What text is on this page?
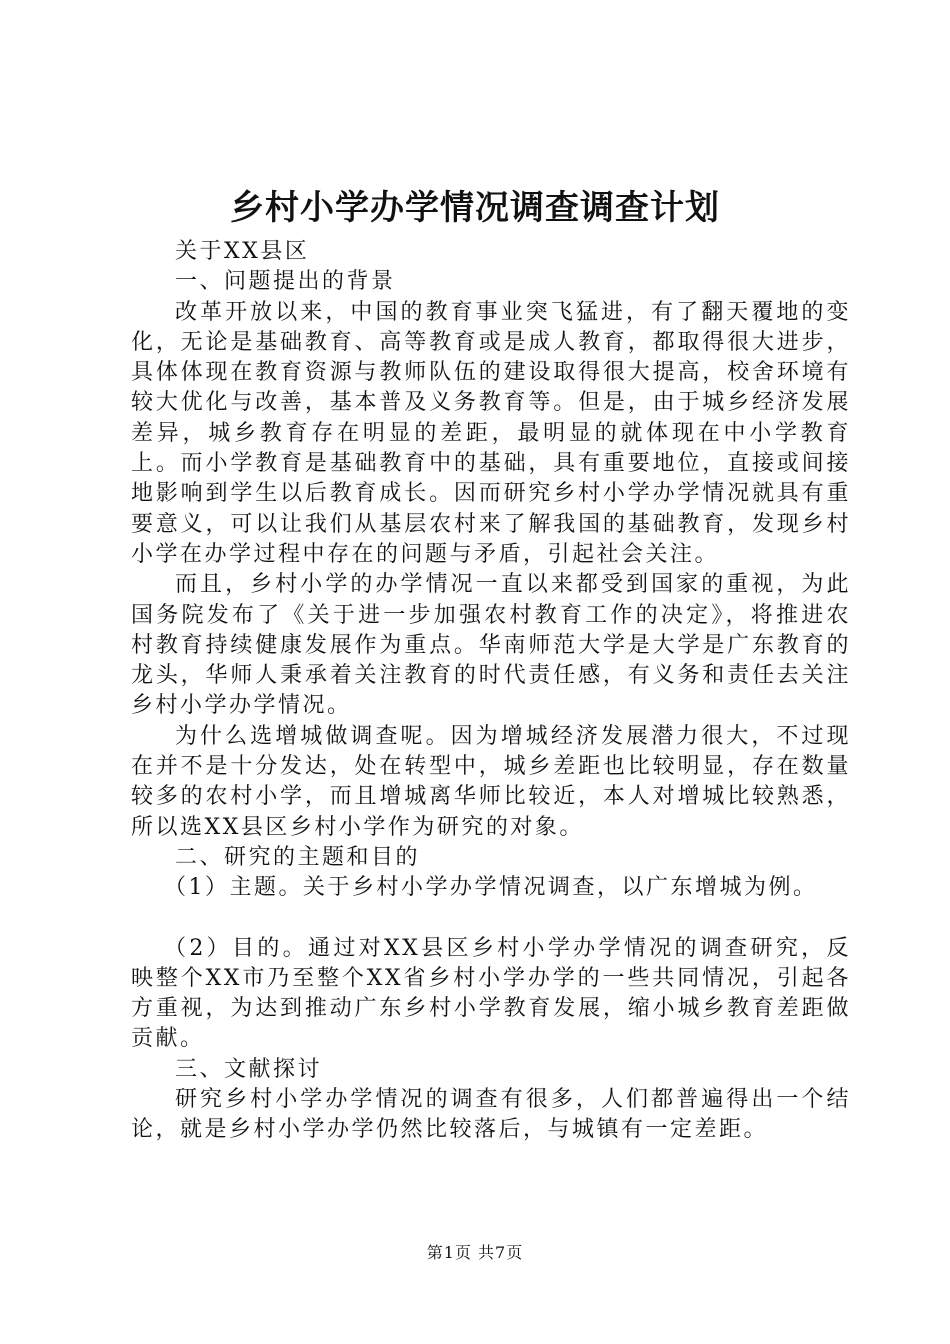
乡村小学办学情况调查调查计划

关于XX县区

一、问题提出的背景

改革开放以来，中国的教育事业突飞猛进，有了翻天覆地的变化，无论是基础教育、高等教育或是成人教育，都取得很大进步，具体体现在教育资源与教师队伍的建设取得很大提高，校舍环境有较大优化与改善，基本普及义务教育等。但是，由于城乡经济发展差异，城乡教育存在明显的差距，最明显的就体现在中小学教育上。而小学教育是基础教育中的基础，具有重要地位，直接或间接地影响到学生以后教育成长。因而研究乡村小学办学情况就具有重要意义，可以让我们从基层农村来了解我国的基础教育，发现乡村小学在办学过程中存在的问题与矛盾，引起社会关注。

而且，乡村小学的办学情况一直以来都受到国家的重视，为此国务院发布了《关于进一步加强农村教育工作的决定》，将推进农村教育持续健康发展作为重点。华南师范大学是大学是广东教育的龙头，华师人秉承着关注教育的时代责任感，有义务和责任去关注乡村小学办学情况。

为什么选增城做调查呢。因为增城经济发展潜力很大，不过现在并不是十分发达，处在转型中，城乡差距也比较明显，存在数量较多的农村小学，而且增城离华师比较近，本人对增城比较熟悉，所以选XX县区乡村小学作为研究的对象。

二、研究的主题和目的

（1）主题。关于乡村小学办学情况调查，以广东增城为例。

（2）目的。通过对XX县区乡村小学办学情况的调查研究，反映整个XX市乃至整个XX省乡村小学办学的一些共同情况，引起各方重视，为达到推动广东乡村小学教育发展，缩小城乡教育差距做贡献。

三、文献探讨

研究乡村小学办学情况的调查有很多，人们都普遍得出一个结论，就是乡村小学办学仍然比较落后，与城镇有一定差距。

第1页 共7页
